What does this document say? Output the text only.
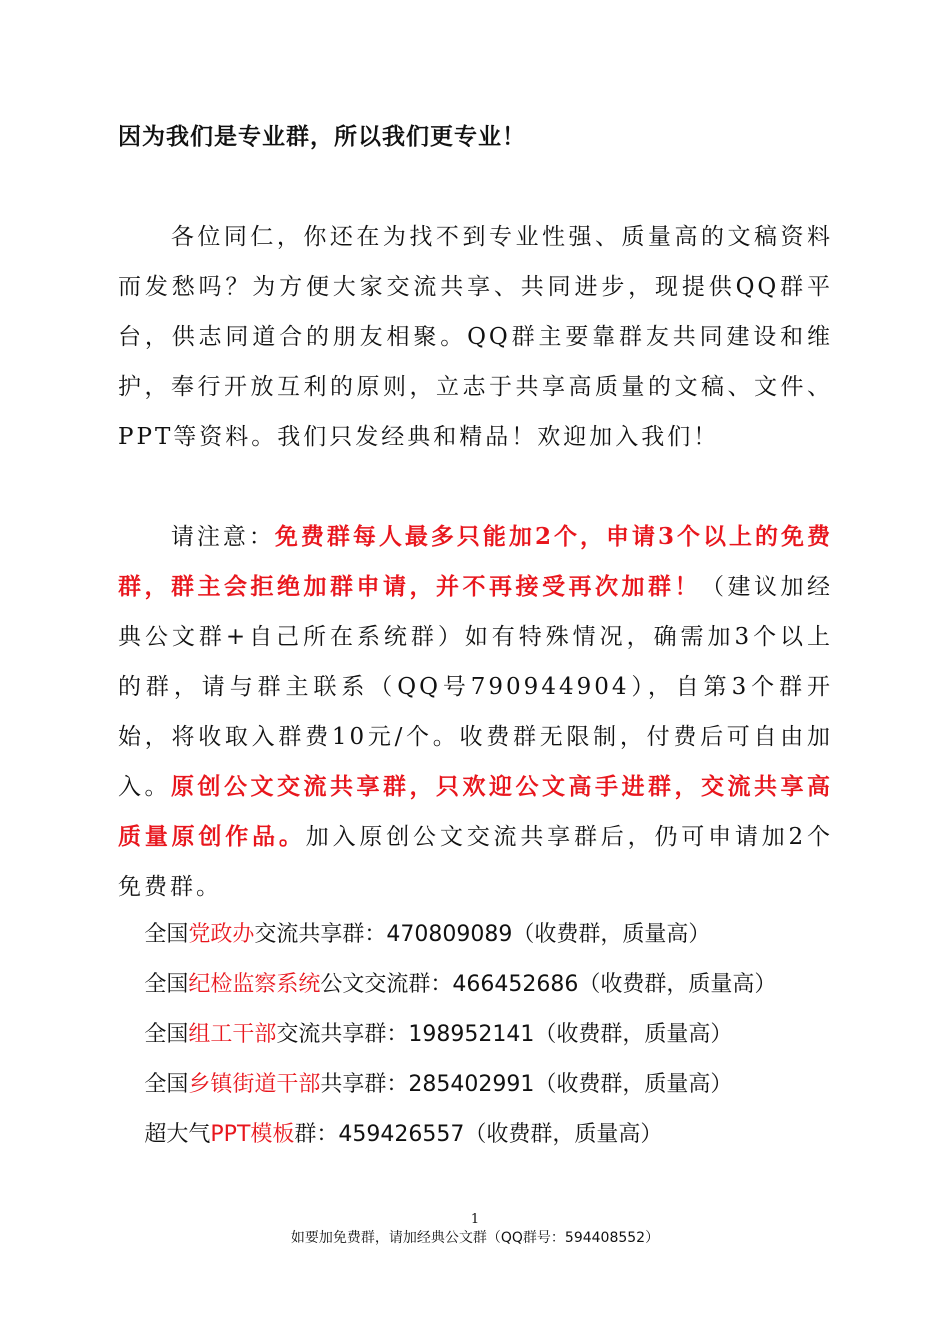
因为我们是专业群，所以我们更专业！
各位同仁，你还在为找不到专业性强、质量高的文稿资料而发愁吗？为方便大家交流共享、共同进步，现提供QQ群平台，供志同道合的朋友相聚。QQ群主要靠群友共同建设和维护，奉行开放互利的原则，立志于共享高质量的文稿、文件、PPT等资料。我们只发经典和精品！欢迎加入我们！
请注意：免费群每人最多只能加2个，申请3个以上的免费群，群主会拒绝加群申请，并不再接受再次加群！（建议加经典公文群+自己所在系统群）如有特殊情况，确需加3个以上的群，请与群主联系（QQ号790944904），自第3个群开始，将收取入群费10元/个。收费群无限制，付费后可自由加入。原创公文交流共享群，只欢迎公文高手进群，交流共享高质量原创作品。加入原创公文交流共享群后，仍可申请加2个免费群。
全国党政办交流共享群：470809089（收费群，质量高）
全国纪检监察系统公文交流群：466452686（收费群，质量高）
全国组工干部交流共享群：198952141（收费群，质量高）
全国乡镇街道干部共享群：285402991（收费群，质量高）
超大气PPT模板群：459426557（收费群，质量高）
1
如要加免费群，请加经典公文群（QQ群号：594408552）
